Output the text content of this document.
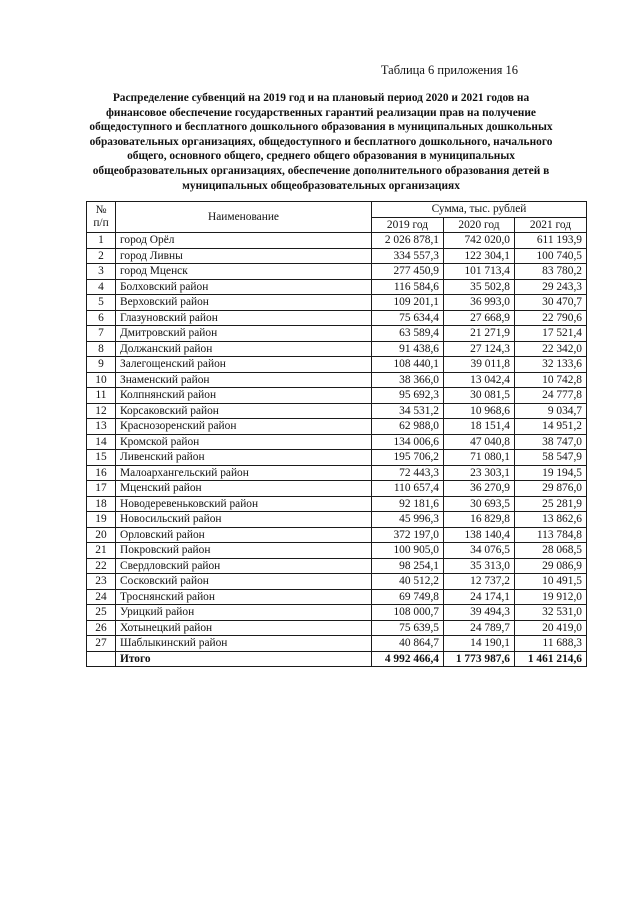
Таблица 6 приложения 16
Распределение субвенций на 2019 год и на плановый период 2020 и 2021 годов на финансовое обеспечение государственных гарантий реализации прав на получение общедоступного и бесплатного дошкольного образования в муниципальных дошкольных образовательных организациях, общедоступного и бесплатного дошкольного, начального общего, основного общего, среднего общего образования в муниципальных общеобразовательных организациях, обеспечение дополнительного образования детей в муниципальных общеобразовательных организациях
№
п/п	Наименование	Сумма, тыс. рублей		
		2019 год	2020 год	2021 год
1	город Орёл	2 026 878,1	742 020,0	611 193,9
2	город Ливны	334 557,3	122 304,1	100 740,5
3	город Мценск	277 450,9	101 713,4	83 780,2
4	Болховский район	116 584,6	35 502,8	29 243,3
5	Верховский район	109 201,1	36 993,0	30 470,7
6	Глазуновский район	75 634,4	27 668,9	22 790,6
7	Дмитровский район	63 589,4	21 271,9	17 521,4
8	Должанский район	91 438,6	27 124,3	22 342,0
9	Залегощенский район	108 440,1	39 011,8	32 133,6
10	Знаменский район	38 366,0	13 042,4	10 742,8
11	Колпнянский район	95 692,3	30 081,5	24 777,8
12	Корсаковский район	34 531,2	10 968,6	9 034,7
13	Краснозоренский район	62 988,0	18 151,4	14 951,2
14	Кромской район	134 006,6	47 040,8	38 747,0
15	Ливенский район	195 706,2	71 080,1	58 547,9
16	Малоархангельский район	72 443,3	23 303,1	19 194,5
17	Мценский район	110 657,4	36 270,9	29 876,0
18	Новодеревеньковский район	92 181,6	30 693,5	25 281,9
19	Новосильский район	45 996,3	16 829,8	13 862,6
20	Орловский район	372 197,0	138 140,4	113 784,8
21	Покровский район	100 905,0	34 076,5	28 068,5
22	Свердловский район	98 254,1	35 313,0	29 086,9
23	Сосковский район	40 512,2	12 737,2	10 491,5
24	Троснянский район	69 749,8	24 174,1	19 912,0
25	Урицкий район	108 000,7	39 494,3	32 531,0
26	Хотынецкий район	75 639,5	24 789,7	20 419,0
27	Шаблыкинский район	40 864,7	14 190,1	11 688,3
	Итого	4 992 466,4	1 773 987,6	1 461 214,6
